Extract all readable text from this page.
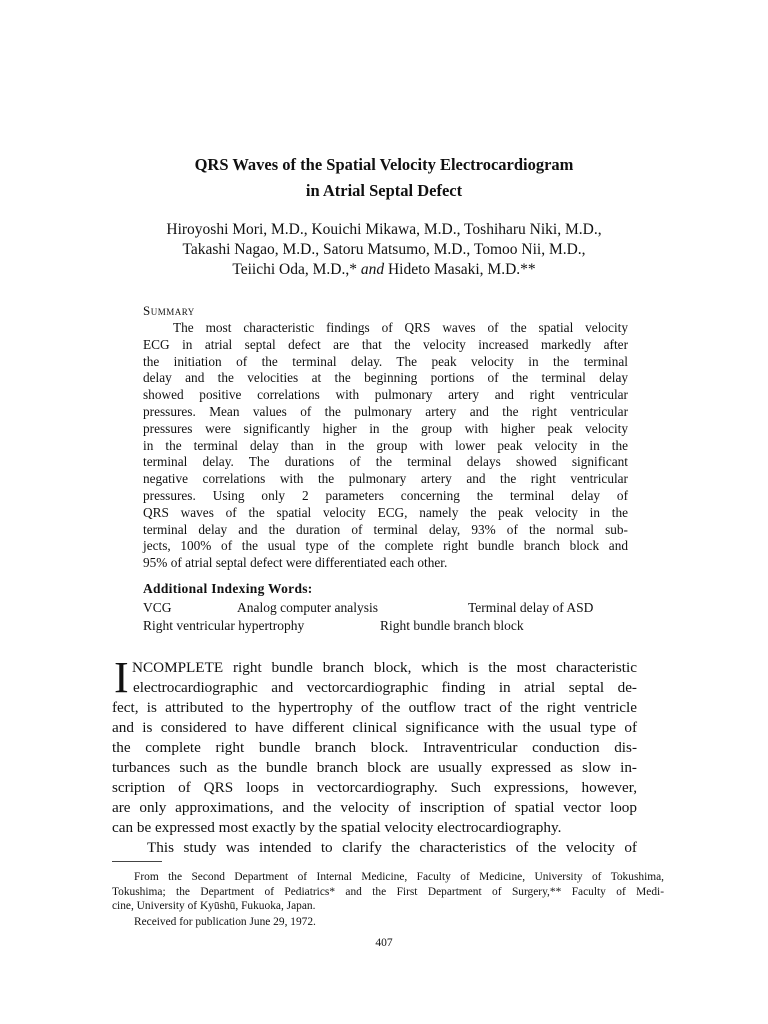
QRS Waves of the Spatial Velocity Electrocardiogram
in Atrial Septal Defect
Hiroyoshi Mori, M.D., Kouichi Mikawa, M.D., Toshiharu Niki, M.D.,
Takashi Nagao, M.D., Satoru Matsumo, M.D., Tomoo Nii, M.D.,
Teiichi Oda, M.D.,* and Hideto Masaki, M.D.**
Summary
The most characteristic findings of QRS waves of the spatial velocity
ECG in atrial septal defect are that the velocity increased markedly after
the initiation of the terminal delay. The peak velocity in the terminal
delay and the velocities at the beginning portions of the terminal delay
showed positive correlations with pulmonary artery and right ventricular
pressures. Mean values of the pulmonary artery and the right ventricular
pressures were significantly higher in the group with higher peak velocity
in the terminal delay than in the group with lower peak velocity in the
terminal delay. The durations of the terminal delays showed significant
negative correlations with the pulmonary artery and the right ventricular
pressures. Using only 2 parameters concerning the terminal delay of
QRS waves of the spatial velocity ECG, namely the peak velocity in the
terminal delay and the duration of terminal delay, 93% of the normal sub-
jects, 100% of the usual type of the complete right bundle branch block and
95% of atrial septal defect were differentiated each other.
Additional Indexing Words:
VCG	Analog computer analysis	Terminal delay of ASD
Right ventricular hypertrophy	Right bundle branch block
I NCOMPLETE right bundle branch block, which is the most characteristic
electrocardiographic and vectorcardiographic finding in atrial septal de-
fect, is attributed to the hypertrophy of the outflow tract of the right ventricle
and is considered to have different clinical significance with the usual type of
the complete right bundle branch block. Intraventricular conduction dis-
turbances such as the bundle branch block are usually expressed as slow in-
scription of QRS loops in vectorcardiography. Such expressions, however,
are only approximations, and the velocity of inscription of spatial vector loop
can be expressed most exactly by the spatial velocity electrocardiography.
This study was intended to clarify the characteristics of the velocity of
From the Second Department of Internal Medicine, Faculty of Medicine, University of Tokushima,
Tokushima; the Department of Pediatrics* and the First Department of Surgery,** Faculty of Medi-
cine, University of Kyūshū, Fukuoka, Japan.
Received for publication June 29, 1972.
407
